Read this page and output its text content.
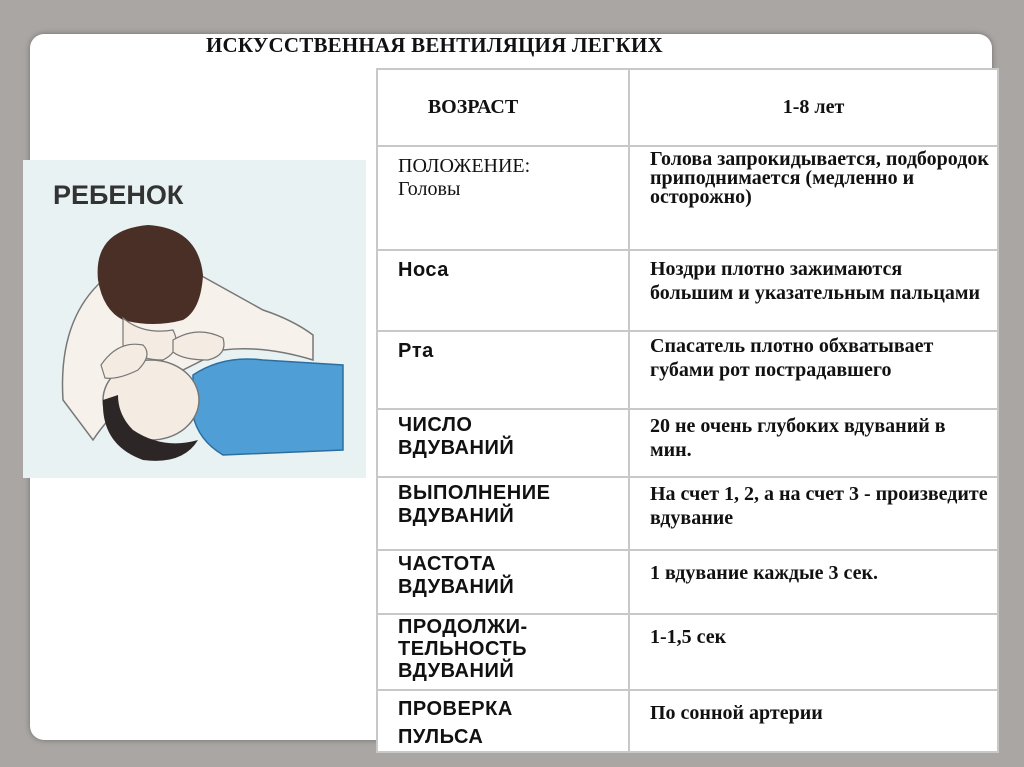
ИСКУССТВЕННАЯ ВЕНТИЛЯЦИЯ ЛЕГКИХ
РЕБЕНОК
ВОЗРАСТ	1-8 лет

ПОЛОЖЕНИЕ:
Головы	Голова запрокидывается, подбородок приподнимается (медленно и осторожно)

Носа	Ноздри плотно зажимаются большим и указательным пальцами

Рта	Спасатель плотно обхватывает губами рот пострадавшего

ЧИСЛО
ВДУВАНИЙ	20 не очень глубоких вдуваний в мин.

ВЫПОЛНЕНИЕ
ВДУВАНИЙ	На счет 1, 2, а на счет 3 - произведите вдувание

ЧАСТОТА
ВДУВАНИЙ	1 вдувание каждые 3 сек.

ПРОДОЛЖИ-
ТЕЛЬНОСТЬ
ВДУВАНИЙ	1-1,5 сек

ПРОВЕРКА
ПУЛЬСА	По сонной артерии
